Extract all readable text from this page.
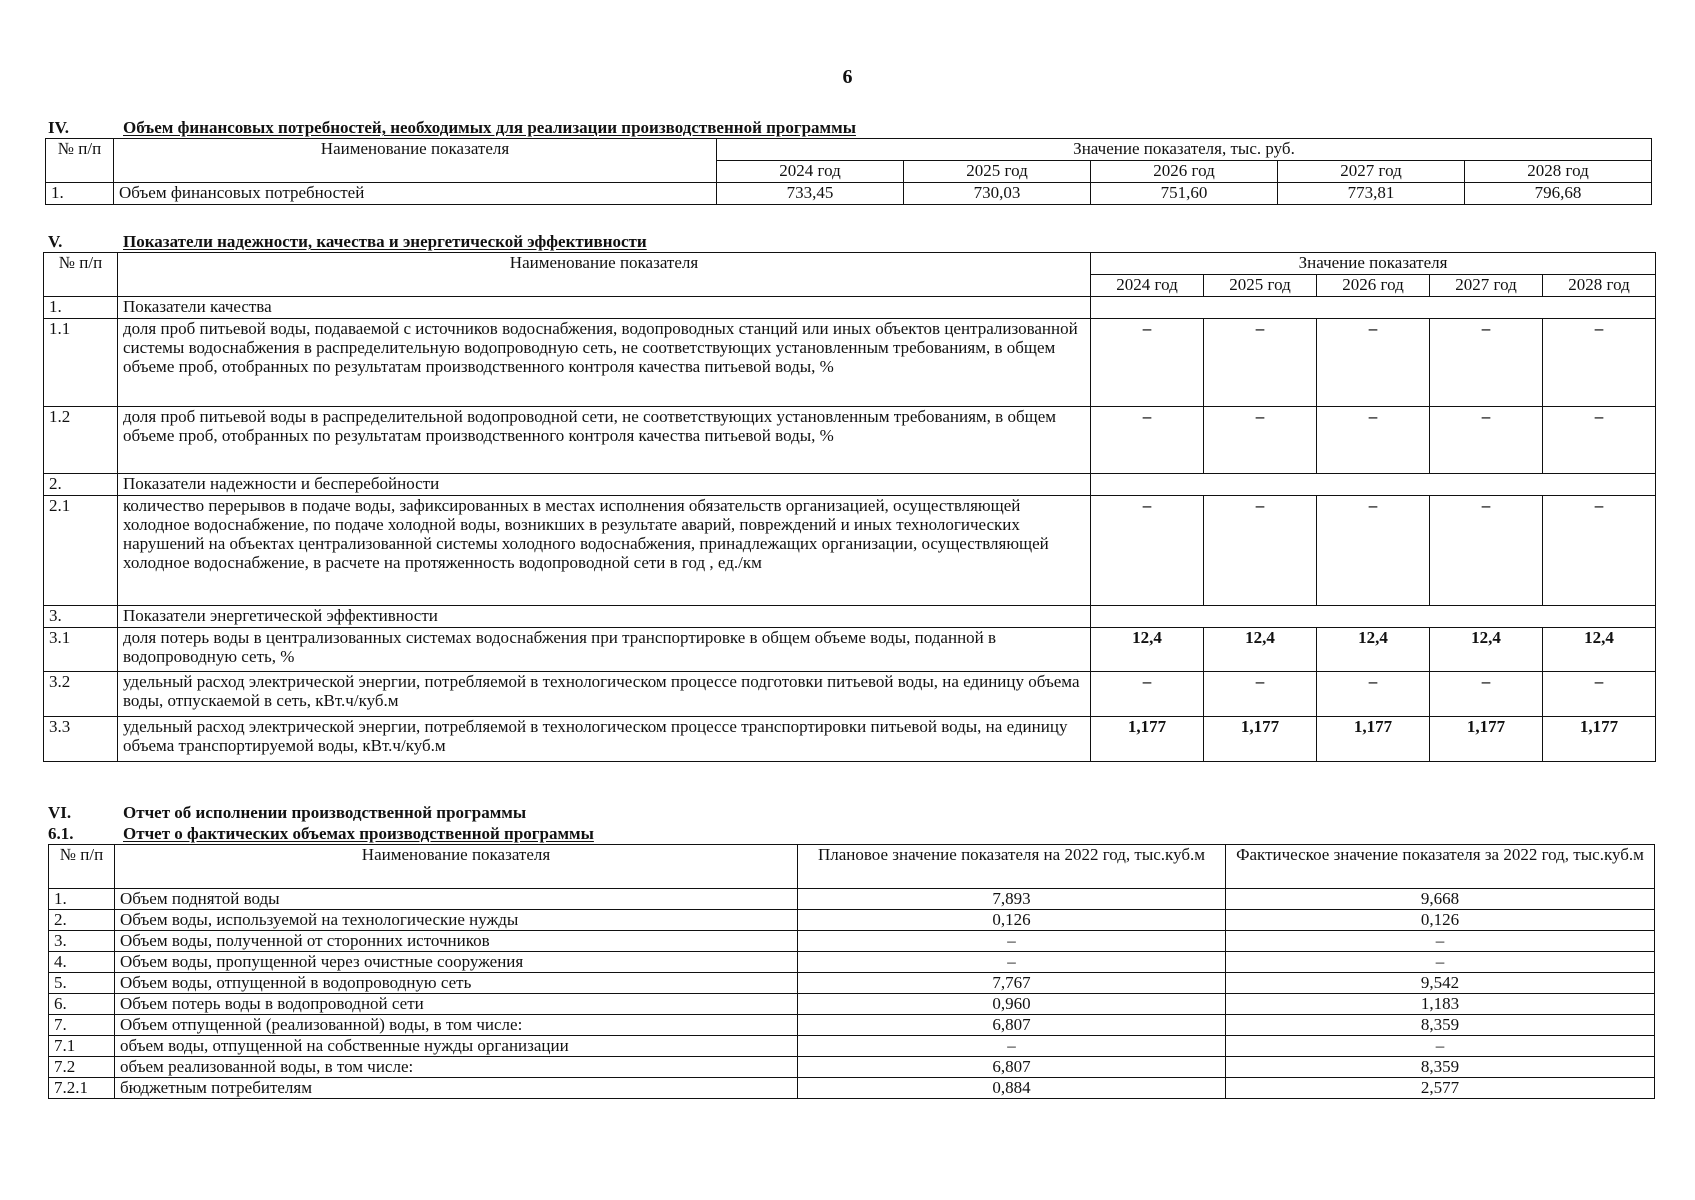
6
IV.	Объем финансовых потребностей, необходимых для реализации производственной программы
№ п/п	Наименование показателя	Значение показателя, тыс. руб.				
		2024 год	2025 год	2026 год	2027 год	2028 год
1.	Объем финансовых потребностей	733,45	730,03	751,60	773,81	796,68
V.	Показатели надежности, качества и энергетической эффективности
№ п/п	Наименование показателя	Значение показателя				
		2024 год	2025 год	2026 год	2027 год	2028 год
1.	Показатели качества					
1.1	доля проб питьевой воды, подаваемой с источников водоснабжения, водопроводных станций или иных объектов централизованной системы водоснабжения в распределительную водопроводную сеть, не соответствующих установленным требованиям, в общем объеме проб, отобранных по результатам производственного контроля качества питьевой воды, %	–	–	–	–	–
1.2	доля проб питьевой воды в распределительной водопроводной сети, не соответствующих установленным требованиям, в общем объеме проб, отобранных по результатам производственного контроля качества питьевой воды, %	–	–	–	–	–
2.	Показатели надежности и бесперебойности					
2.1	количество перерывов в подаче воды, зафиксированных в местах исполнения обязательств организацией, осуществляющей холодное водоснабжение, по подаче холодной воды, возникших в результате аварий, повреждений и иных технологических нарушений на объектах централизованной системы холодного водоснабжения, принадлежащих организации, осуществляющей холодное водоснабжение, в расчете на протяженность водопроводной сети в год , ед./км	–	–	–	–	–
3.	Показатели энергетической эффективности					
3.1	доля потерь воды в централизованных системах водоснабжения при транспортировке в общем объеме воды, поданной в водопроводную сеть, %	12,4	12,4	12,4	12,4	12,4
3.2	удельный расход электрической энергии, потребляемой в технологическом процессе подготовки питьевой воды, на единицу объема воды, отпускаемой в сеть, кВт.ч/куб.м	–	–	–	–	–
3.3	удельный расход электрической энергии, потребляемой в технологическом процессе транспортировки питьевой воды, на единицу объема транспортируемой воды, кВт.ч/куб.м	1,177	1,177	1,177	1,177	1,177
VI.	Отчет об исполнении производственной программы
6.1.	Отчет о фактических объемах производственной программы
№ п/п	Наименование показателя	Плановое значение показателя на 2022 год, тыс.куб.м	Фактическое значение показателя за 2022 год, тыс.куб.м
1.	Объем поднятой воды	7,893	9,668
2.	Объем воды, используемой на технологические нужды	0,126	0,126
3.	Объем воды, полученной от сторонних источников	–	–
4.	Объем воды, пропущенной через очистные сооружения	–	–
5.	Объем воды, отпущенной в водопроводную сеть	7,767	9,542
6.	Объем потерь воды в водопроводной сети	0,960	1,183
7.	Объем отпущенной (реализованной) воды, в том числе:	6,807	8,359
7.1	объем воды, отпущенной на собственные нужды организации	–	–
7.2	объем реализованной воды, в том числе:	6,807	8,359
7.2.1	бюджетным потребителям	0,884	2,577
